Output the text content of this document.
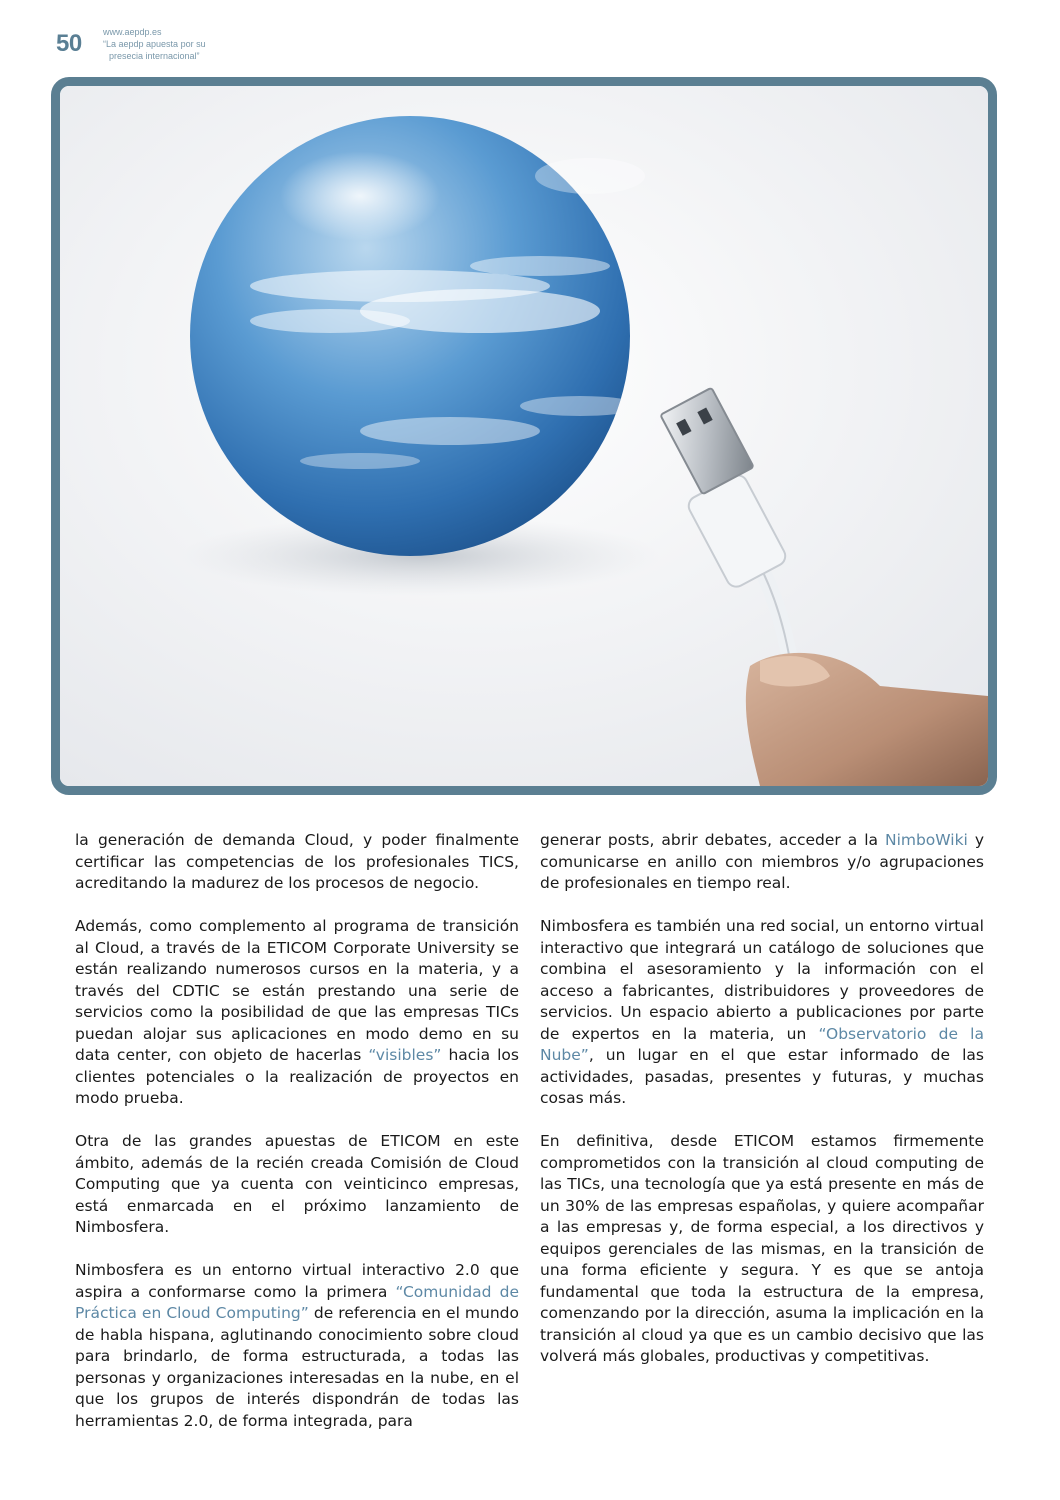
50 www.aepdp.es
“La aepdp apuesta por su
presecia internacional”

la generación de demanda Cloud, y poder finalmente certificar las competencias de los profesionales TICS, acreditando la madurez de los procesos de negocio.

Además, como complemento al programa de transición al Cloud, a través de la ETICOM Corporate University se están realizando numerosos cursos en la materia, y a través del CDTIC se están prestando una serie de servicios como la posibilidad de que las empresas TICs puedan alojar sus aplicaciones en modo demo en su data center, con objeto de hacerlas “visibles” hacia los clientes potenciales o la realización de proyectos en modo prueba.

Otra de las grandes apuestas de ETICOM en este ámbito, además de la recién creada Comisión de Cloud Computing que ya cuenta con veinticinco empresas, está enmarcada en el próximo lanzamiento de Nimbosfera.

Nimbosfera es un entorno virtual interactivo 2.0 que aspira a conformarse como la primera “Comunidad de Práctica en Cloud Computing” de referencia en el mundo de habla hispana, aglutinando conocimiento sobre cloud para brindarlo, de forma estructurada, a todas las personas y organizaciones interesadas en la nube, en el que los grupos de interés dispondrán de todas las herramientas 2.0, de forma integrada, para

generar posts, abrir debates, acceder a la NimboWiki y comunicarse en anillo con miembros y/o agrupaciones de profesionales en tiempo real.

Nimbosfera es también una red social, un entorno virtual interactivo que integrará un catálogo de soluciones que combina el asesoramiento y la información con el acceso a fabricantes, distribuidores y proveedores de servicios. Un espacio abierto a publicaciones por parte de expertos en la materia, un “Observatorio de la Nube”, un lugar en el que estar informado de las actividades, pasadas, presentes y futuras, y muchas cosas más.

En definitiva, desde ETICOM estamos firmemente comprometidos con la transición al cloud computing de las TICs, una tecnología que ya está presente en más de un 30% de las empresas españolas, y quiere acompañar a las empresas y, de forma especial, a los directivos y equipos gerenciales de las mismas, en la transición de una forma eficiente y segura. Y es que se antoja fundamental que toda la estructura de la empresa, comenzando por la dirección, asuma la implicación en la transición al cloud ya que es un cambio decisivo que las volverá más globales, productivas y competitivas.
